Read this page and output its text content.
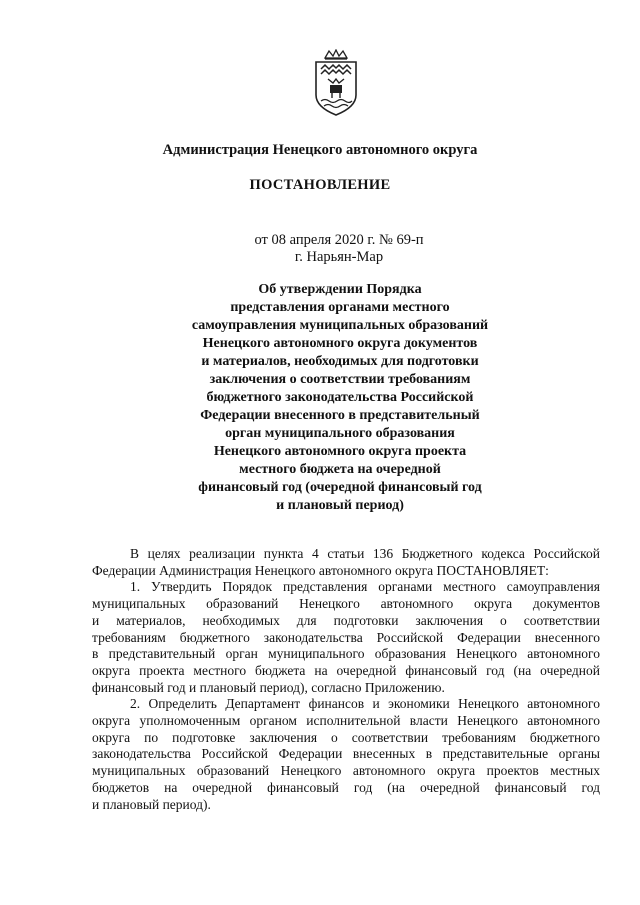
Администрация Ненецкого автономного округа
ПОСТАНОВЛЕНИЕ
от 08 апреля 2020 г. № 69-п
г. Нарьян-Мар
Об утверждении Порядка
представления органами местного
самоуправления муниципальных образований
Ненецкого автономного округа документов
и материалов, необходимых для подготовки
заключения о соответствии требованиям
бюджетного законодательства Российской
Федерации внесенного в представительный
орган муниципального образования
Ненецкого автономного округа проекта
местного бюджета на очередной
финансовый год (очередной финансовый год
и плановый период)
В целях реализации пункта 4 статьи 136 Бюджетного кодекса Российской
Федерации Администрация Ненецкого автономного округа ПОСТАНОВЛЯЕТ:
1. Утвердить Порядок представления органами местного самоуправления
муниципальных образований Ненецкого автономного округа документов
и материалов, необходимых для подготовки заключения о соответствии
требованиям бюджетного законодательства Российской Федерации внесенного
в представительный орган муниципального образования Ненецкого автономного
округа проекта местного бюджета на очередной финансовый год (на очередной
финансовый год и плановый период), согласно Приложению.
2. Определить Департамент финансов и экономики Ненецкого автономного
округа уполномоченным органом исполнительной власти Ненецкого автономного
округа по подготовке заключения о соответствии требованиям бюджетного
законодательства Российской Федерации внесенных в представительные органы
муниципальных образований Ненецкого автономного округа проектов местных
бюджетов на очередной финансовый год (на очередной финансовый год
и плановый период).
